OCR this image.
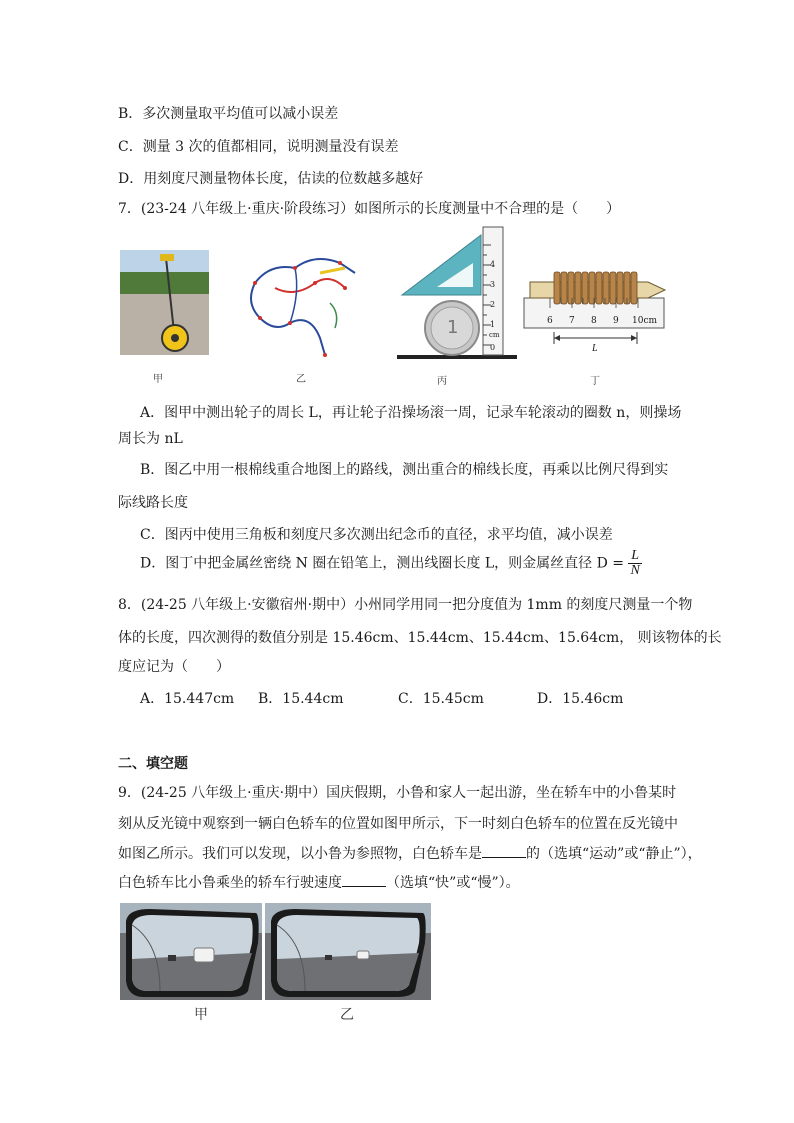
B．多次测量取平均值可以减小误差
C．测量 3 次的值都相同，说明测量没有误差
D．用刻度尺测量物体长度，估读的位数越多越好
7．(23-24 八年级上·重庆·阶段练习）如图所示的长度测量中不合理的是（　　）
甲	乙
1
0
cm
1
2
3
4
丙
6 7 8 9 10cm
L
丁
A．图甲中测出轮子的周长 L，再让轮子沿操场滚一周，记录车轮滚动的圈数 n，则操场
周长为 nL
B．图乙中用一根棉线重合地图上的路线，测出重合的棉线长度，再乘以比例尺得到实
际线路长度
C．图丙中使用三角板和刻度尺多次测出纪念币的直径，求平均值，减小误差
D．图丁中把金属丝密绕 N 圈在铅笔上，测出线圈长度 L，则金属丝直径 $D = \frac{L}{N}$
8．(24-25 八年级上·安徽宿州·期中）小州同学用同一把分度值为 1mm 的刻度尺测量一个物
体的长度，四次测得的数值分别是 15.46cm、15.44cm、15.44cm、15.64cm， 则该物体的长
度应记为（　　）
A．15.447cm B．15.44cm	C．15.45cm	D．15.46cm
二、填空题
9．(24-25 八年级上·重庆·期中）国庆假期，小鲁和家人一起出游，坐在轿车中的小鲁某时
刻从反光镜中观察到一辆白色轿车的位置如图甲所示，下一时刻白色轿车的位置在反光镜中
如图乙所示。我们可以发现，以小鲁为参照物，白色轿车是	的（选填“运动”或“静止”），
白色轿车比小鲁乘坐的轿车行驶速度	（选填“快”或“慢”）。
甲	乙
